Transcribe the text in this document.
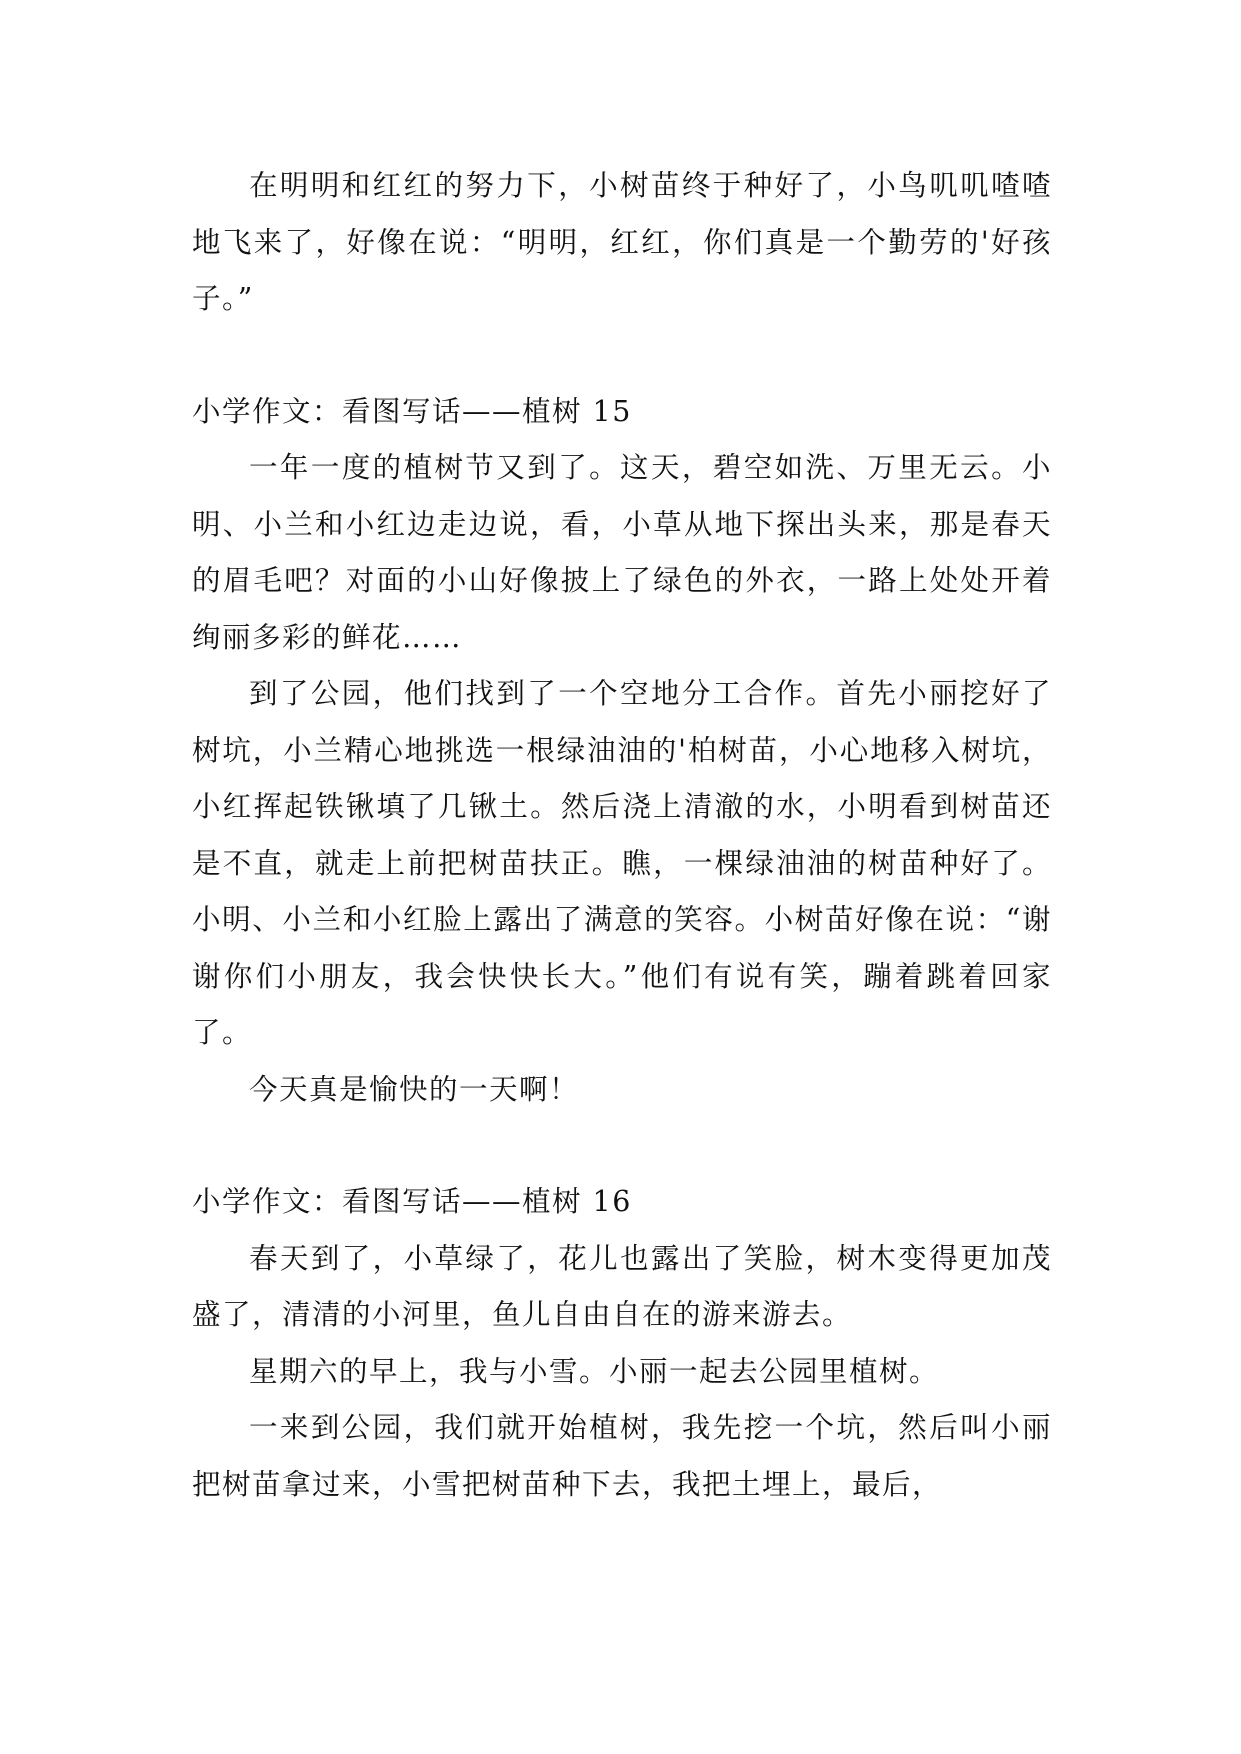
在明明和红红的努力下，小树苗终于种好了，小鸟叽叽喳喳地飞来了，好像在说：“明明，红红，你们真是一个勤劳的'好孩子。”

小学作文：看图写话——植树 15

一年一度的植树节又到了。这天，碧空如洗、万里无云。小明、小兰和小红边走边说，看，小草从地下探出头来，那是春天的眉毛吧？对面的小山好像披上了绿色的外衣，一路上处处开着绚丽多彩的鲜花……

到了公园，他们找到了一个空地分工合作。首先小丽挖好了树坑，小兰精心地挑选一根绿油油的'柏树苗，小心地移入树坑，小红挥起铁锹填了几锹土。然后浇上清澈的水，小明看到树苗还是不直，就走上前把树苗扶正。瞧，一棵绿油油的树苗种好了。小明、小兰和小红脸上露出了满意的笑容。小树苗好像在说：“谢谢你们小朋友，我会快快长大。”他们有说有笑，蹦着跳着回家了。

今天真是愉快的一天啊！

小学作文：看图写话——植树 16

春天到了，小草绿了，花儿也露出了笑脸，树木变得更加茂盛了，清清的小河里，鱼儿自由自在的游来游去。

星期六的早上，我与小雪。小丽一起去公园里植树。

一来到公园，我们就开始植树，我先挖一个坑，然后叫小丽把树苗拿过来，小雪把树苗种下去，我把土埋上，最后，
